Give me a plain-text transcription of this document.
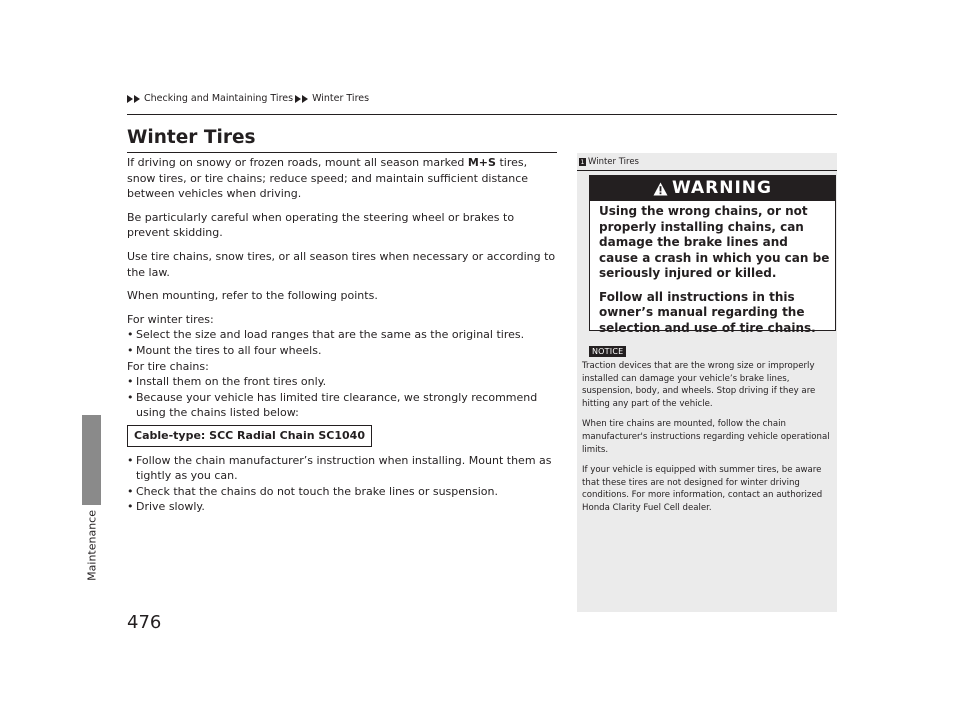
Checking and Maintaining Tires Winter Tires
Maintenance
476
Winter Tires

If driving on snowy or frozen roads, mount all season marked M+S tires, snow tires, or tire chains; reduce speed; and maintain sufficient distance between vehicles when driving.

Be particularly careful when operating the steering wheel or brakes to prevent skidding.

Use tire chains, snow tires, or all season tires when necessary or according to the law.

When mounting, refer to the following points.

For winter tires:
• Select the size and load ranges that are the same as the original tires.
• Mount the tires to all four wheels.
For tire chains:
• Install them on the front tires only.
• Because your vehicle has limited tire clearance, we strongly recommend using the chains listed below:
Cable-type: SCC Radial Chain SC1040
• Follow the chain manufacturer’s instruction when installing. Mount them as tightly as you can.
• Check that the chains do not touch the brake lines or suspension.
• Drive slowly.
1 Winter Tires
WARNING

Using the wrong chains, or not properly installing chains, can damage the brake lines and cause a crash in which you can be seriously injured or killed.

Follow all instructions in this owner’s manual regarding the selection and use of tire chains.

NOTICE

Traction devices that are the wrong size or improperly installed can damage your vehicle’s brake lines, suspension, body, and wheels. Stop driving if they are hitting any part of the vehicle.

When tire chains are mounted, follow the chain manufacturer's instructions regarding vehicle operational limits.

If your vehicle is equipped with summer tires, be aware that these tires are not designed for winter driving conditions. For more information, contact an authorized Honda Clarity Fuel Cell dealer.
